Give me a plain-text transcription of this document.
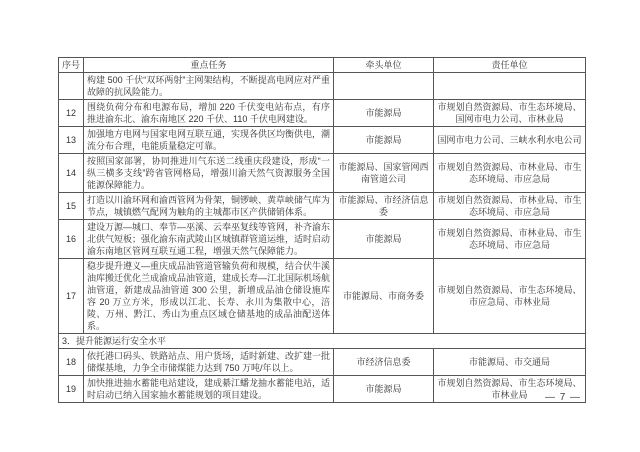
序号	重点任务	牵头单位	责任单位
	构建 500 千伏“双环两射”主网架结构，不断提高电网应对严重故障的抗风险能力。		
12	围绕负荷分布和电源布局，增加 220 千伏变电站布点，有序推进渝东北、渝东南地区 220 千伏、110 千伏电网建设。	市能源局	市规划自然资源局、市生态环境局、国网市电力公司、市林业局
13	加强地方电网与国家电网互联互通，实现各供区均衡供电，潮流分布合理，电能质量稳定可靠。	市能源局	国网市电力公司、三峡水利水电公司
14	按照国家部署，协同推进川气东送二线重庆段建设，形成“一纵三横多支线”跨省管网格局，增强川渝天然气资源服务全国能源保障能力。	市能源局、国家管网西南管道公司	市规划自然资源局、市林业局、市生态环境局、市应急局
15	打造以川渝环网和渝西管网为骨架，铜锣峡、黄草峡储气库为节点，城镇燃气配网为触角的主城都市区产供储销体系。	市能源局、市经济信息委	市规划自然资源局、市林业局、市生态环境局、市应急局
16	建设万源—城口、奉节—巫溪、云奉巫复线等管网，补齐渝东北供气短板；强化渝东南武陵山区城镇群管道运维，适时启动渝东南地区管网互联互通工程，增强天然气保障能力。	市能源局	市规划自然资源局、市林业局、市生态环境局、市应急局
17	稳步提升遵义—重庆成品油管道管输负荷和规模，结合伏牛溪油库搬迁优化兰成渝成品油管道，建成长寿—江北国际机场航油管道，新建成品油管道 300 公里，新增成品油仓储设施库容 20 万立方米，形成以江北、长寿、永川为集散中心，涪陵、万州、黔江、秀山为重点区域仓储基地的成品油配送体系。	市能源局、市商务委	市规划自然资源局、市生态环境局、市应急局、市林业局
3．提升能源运行安全水平			
18	依托港口码头、铁路站点、用户货场，适时新建、改扩建一批储煤基地，力争全市储煤能力达到 750 万吨/年以上。	市经济信息委	市能源局、市交通局
19	加快推进抽水蓄能电站建设，建成綦江蟠龙抽水蓄能电站，适时启动已纳入国家抽水蓄能规划的项目建设。	市能源局	市规划自然资源局、市生态环境局、市林业局	— 7 —
